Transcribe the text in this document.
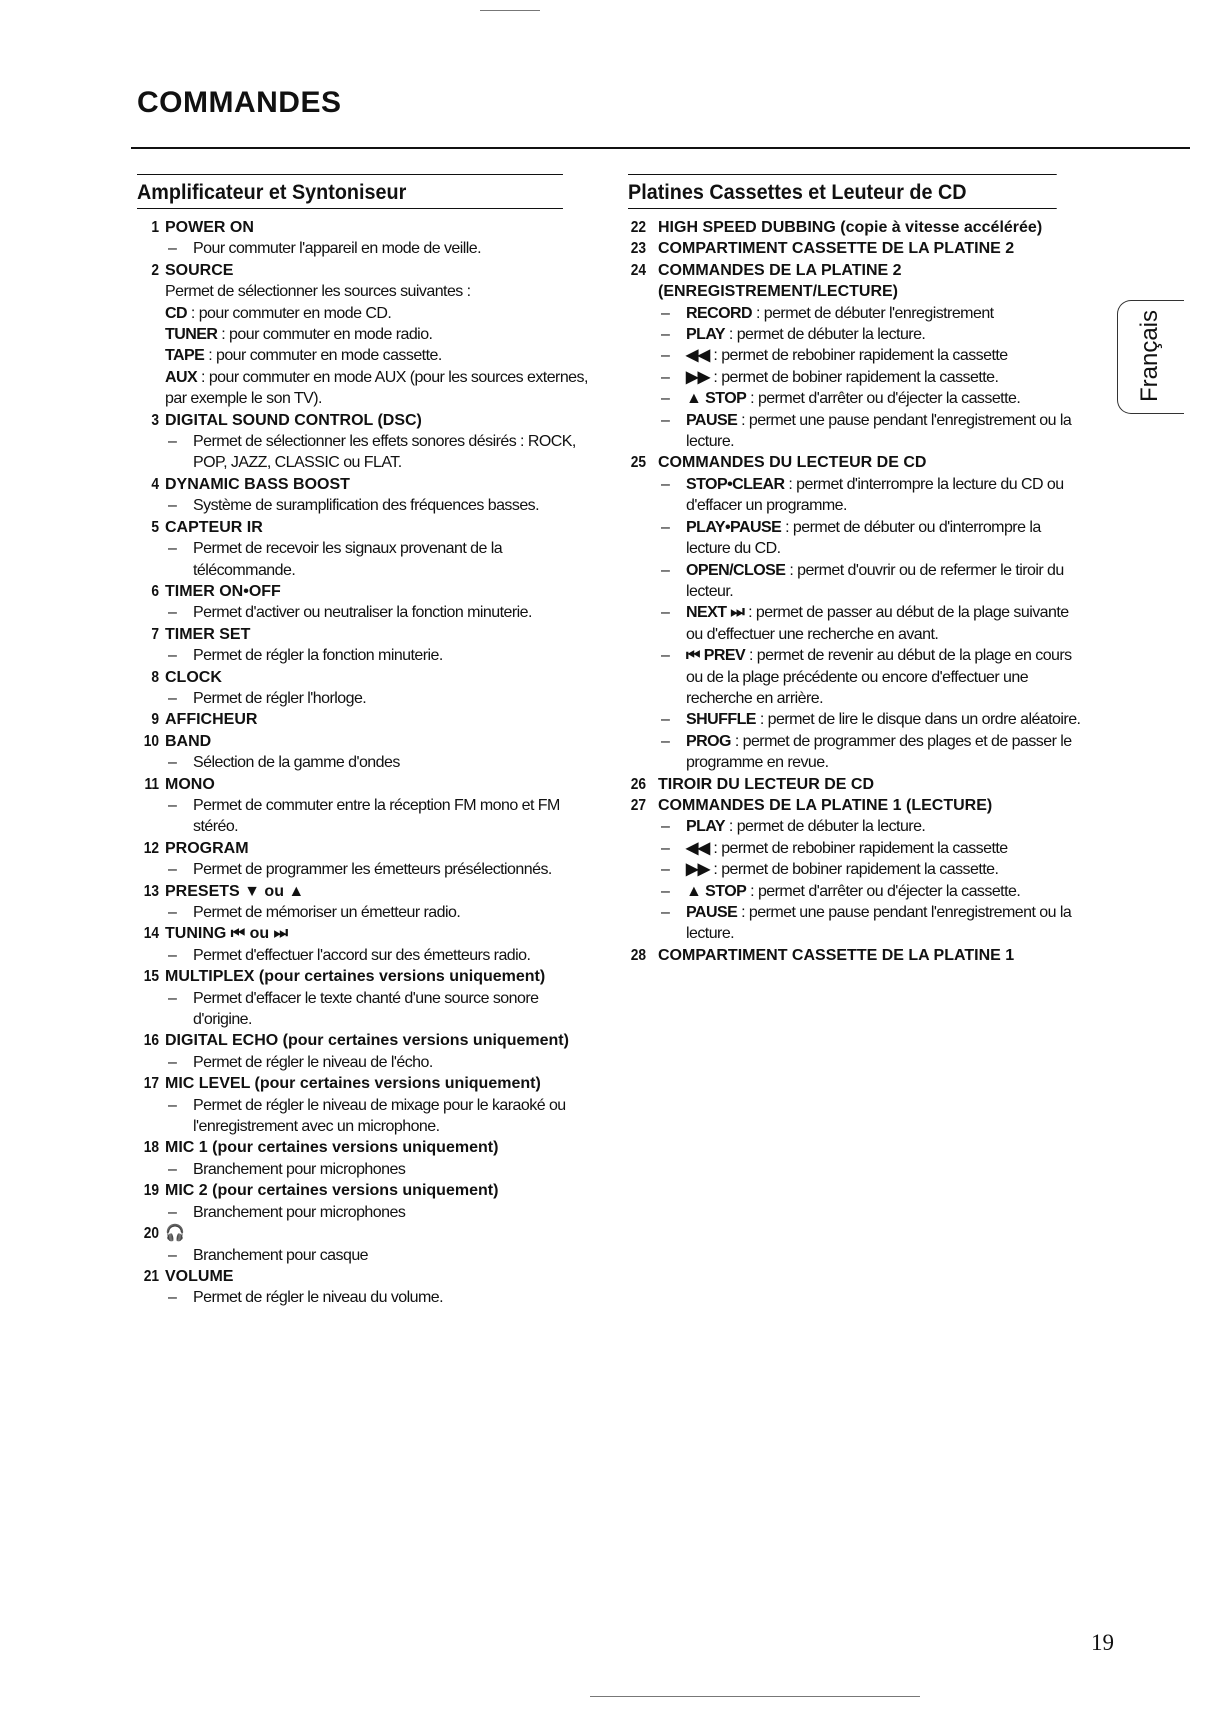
COMMANDES
Amplificateur et Syntoniseur
1 POWER ON
– Pour commuter l'appareil en mode de veille.
2 SOURCE
Permet de sélectionner les sources suivantes :
CD : pour commuter en mode CD.
TUNER : pour commuter en mode radio.
TAPE : pour commuter en mode cassette.
AUX : pour commuter en mode AUX (pour les sources externes,
par exemple le son TV).
3 DIGITAL SOUND CONTROL (DSC)
– Permet de sélectionner les effets sonores désirés : ROCK,
POP, JAZZ, CLASSIC ou FLAT.
4 DYNAMIC BASS BOOST
– Système de suramplification des fréquences basses.
5 CAPTEUR IR
– Permet de recevoir les signaux provenant de la
télécommande.
6 TIMER ON•OFF
– Permet d'activer ou neutraliser la fonction minuterie.
7 TIMER SET
– Permet de régler la fonction minuterie.
8 CLOCK
– Permet de régler l'horloge.
9 AFFICHEUR
10 BAND
– Sélection de la gamme d'ondes
11 MONO
– Permet de commuter entre la réception FM mono et FM
stéréo.
12 PROGRAM
– Permet de programmer les émetteurs présélectionnés.
13 PRESETS ▼ ou ▲
– Permet de mémoriser un émetteur radio.
14 TUNING ⏮ ou ⏭
– Permet d'effectuer l'accord sur des émetteurs radio.
15 MULTIPLEX (pour certaines versions uniquement)
– Permet d'effacer le texte chanté d'une source sonore
d'origine.
16 DIGITAL ECHO (pour certaines versions uniquement)
– Permet de régler le niveau de l'écho.
17 MIC LEVEL (pour certaines versions uniquement)
– Permet de régler le niveau de mixage pour le karaoké ou
l'enregistrement avec un microphone.
18 MIC 1 (pour certaines versions uniquement)
– Branchement pour microphones
19 MIC 2 (pour certaines versions uniquement)
– Branchement pour microphones
20 🎧
– Branchement pour casque
21 VOLUME
– Permet de régler le niveau du volume.
Platines Cassettes et Leuteur de CD
22 HIGH SPEED DUBBING (copie à vitesse accélérée)
23 COMPARTIMENT CASSETTE DE LA PLATINE 2
24 COMMANDES DE LA PLATINE 2
(ENREGISTREMENT/LECTURE)
– RECORD : permet de débuter l'enregistrement
– PLAY : permet de débuter la lecture.
– ◀◀ : permet de rebobiner rapidement la cassette
– ▶▶ : permet de bobiner rapidement la cassette.
– ▲ STOP : permet d'arrêter ou d'éjecter la cassette.
– PAUSE : permet une pause pendant l'enregistrement ou la
lecture.
25 COMMANDES DU LECTEUR DE CD
– STOP•CLEAR : permet d'interrompre la lecture du CD ou
d'effacer un programme.
– PLAY•PAUSE : permet de débuter ou d'interrompre la
lecture du CD.
– OPEN/CLOSE : permet d'ouvrir ou de refermer le tiroir du
lecteur.
– NEXT ⏭ : permet de passer au début de la plage suivante
ou d'effectuer une recherche en avant.
– ⏮ PREV : permet de revenir au début de la plage en cours
ou de la plage précédente ou encore d'effectuer une
recherche en arrière.
– SHUFFLE : permet de lire le disque dans un ordre aléatoire.
– PROG : permet de programmer des plages et de passer le
programme en revue.
26 TIROIR DU LECTEUR DE CD
27 COMMANDES DE LA PLATINE 1 (LECTURE)
– PLAY : permet de débuter la lecture.
– ◀◀ : permet de rebobiner rapidement la cassette
– ▶▶ : permet de bobiner rapidement la cassette.
– ▲ STOP : permet d'arrêter ou d'éjecter la cassette.
– PAUSE : permet une pause pendant l'enregistrement ou la
lecture.
28 COMPARTIMENT CASSETTE DE LA PLATINE 1
Français
19
